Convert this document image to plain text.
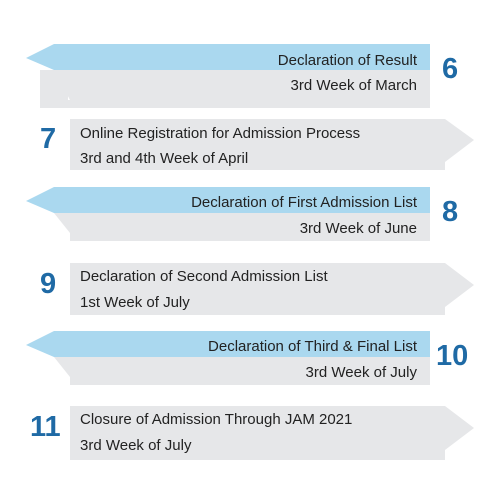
Declaration of Result
3rd Week of March
6
7 Online Registration for Admission Process
3rd and 4th Week of April
Declaration of First Admission List
3rd Week of June
8
9 Declaration of Second Admission List
1st Week of July
Declaration of Third & Final List
3rd Week of July
10
11 Closure of Admission Through JAM 2021
3rd Week of July
